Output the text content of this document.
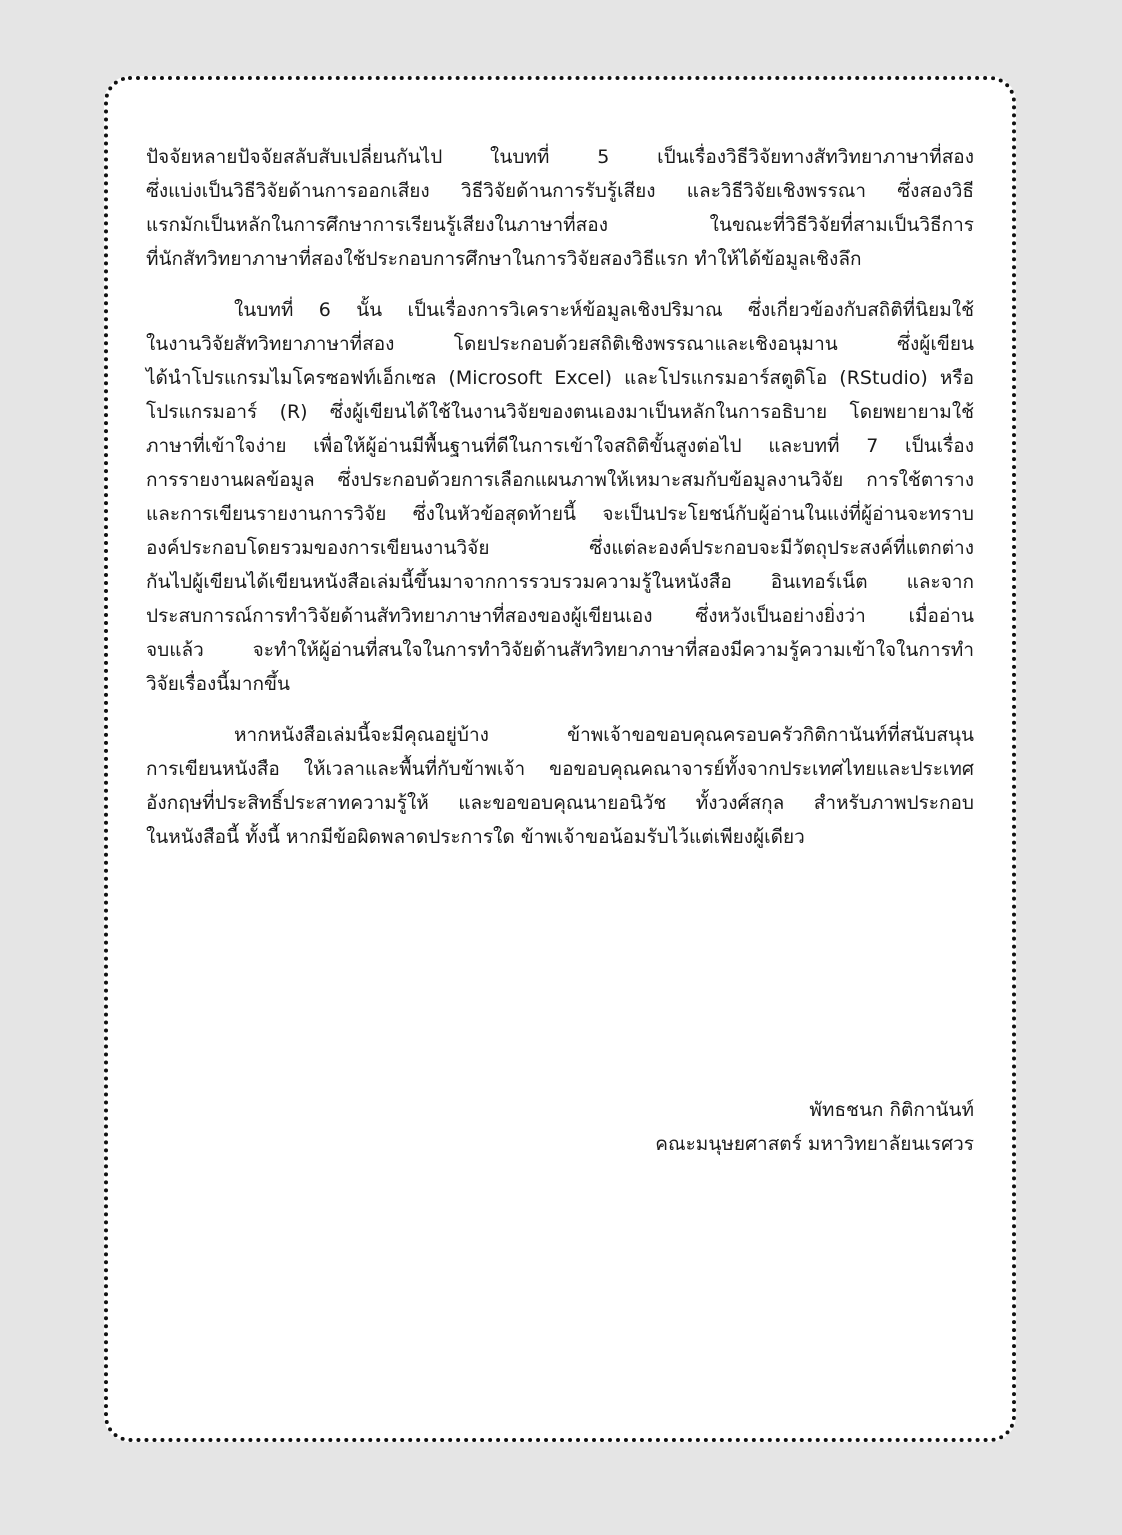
ปัจจัยหลายปัจจัยสลับสับเปลี่ยนกันไป ในบทที่ 5 เป็นเรื่องวิธีวิจัยทางสัทวิทยาภาษาที่สอง
ซึ่งแบ่งเป็นวิธีวิจัยด้านการออกเสียง วิธีวิจัยด้านการรับรู้เสียง และวิธีวิจัยเชิงพรรณา ซึ่งสองวิธี
แรกมักเป็นหลักในการศึกษาการเรียนรู้เสียงในภาษาที่สอง ในขณะที่วิธีวิจัยที่สามเป็นวิธีการ
ที่นักสัทวิทยาภาษาที่สองใช้ประกอบการศึกษาในการวิจัยสองวิธีแรก ทำให้ได้ข้อมูลเชิงลึก
ในบทที่ 6 นั้น เป็นเรื่องการวิเคราะห์ข้อมูลเชิงปริมาณ ซึ่งเกี่ยวข้องกับสถิติที่นิยมใช้
ในงานวิจัยสัทวิทยาภาษาที่สอง โดยประกอบด้วยสถิติเชิงพรรณาและเชิงอนุมาน ซึ่งผู้เขียน
ได้นำโปรแกรมไมโครซอฟท์เอ็กเซล (Microsoft Excel) และโปรแกรมอาร์สตูดิโอ (RStudio) หรือ
โปรแกรมอาร์ (R) ซึ่งผู้เขียนได้ใช้ในงานวิจัยของตนเองมาเป็นหลักในการอธิบาย โดยพยายามใช้
ภาษาที่เข้าใจง่าย เพื่อให้ผู้อ่านมีพื้นฐานที่ดีในการเข้าใจสถิติขั้นสูงต่อไป และบทที่ 7 เป็นเรื่อง
การรายงานผลข้อมูล ซึ่งประกอบด้วยการเลือกแผนภาพให้เหมาะสมกับข้อมูลงานวิจัย การใช้ตาราง
และการเขียนรายงานการวิจัย ซึ่งในหัวข้อสุดท้ายนี้ จะเป็นประโยชน์กับผู้อ่านในแง่ที่ผู้อ่านจะทราบ
องค์ประกอบโดยรวมของการเขียนงานวิจัย ซึ่งแต่ละองค์ประกอบจะมีวัตถุประสงค์ที่แตกต่าง
กันไปผู้เขียนได้เขียนหนังสือเล่มนี้ขึ้นมาจากการรวบรวมความรู้ในหนังสือ อินเทอร์เน็ต และจาก
ประสบการณ์การทำวิจัยด้านสัทวิทยาภาษาที่สองของผู้เขียนเอง ซึ่งหวังเป็นอย่างยิ่งว่า เมื่ออ่าน
จบแล้ว จะทำให้ผู้อ่านที่สนใจในการทำวิจัยด้านสัทวิทยาภาษาที่สองมีความรู้ความเข้าใจในการทำ
วิจัยเรื่องนี้มากขึ้น
หากหนังสือเล่มนี้จะมีคุณอยู่บ้าง ข้าพเจ้าขอขอบคุณครอบครัวกิติกานันท์ที่สนับสนุน
การเขียนหนังสือ ให้เวลาและพื้นที่กับข้าพเจ้า ขอขอบคุณคณาจารย์ทั้งจากประเทศไทยและประเทศ
อังกฤษที่ประสิทธิ์ประสาทความรู้ให้ และขอขอบคุณนายอนิวัช ทั้งวงศ์สกุล สำหรับภาพประกอบ
ในหนังสือนี้ ทั้งนี้ หากมีข้อผิดพลาดประการใด ข้าพเจ้าขอน้อมรับไว้แต่เพียงผู้เดียว
พัทธชนก กิติกานันท์
คณะมนุษยศาสตร์ มหาวิทยาลัยนเรศวร
